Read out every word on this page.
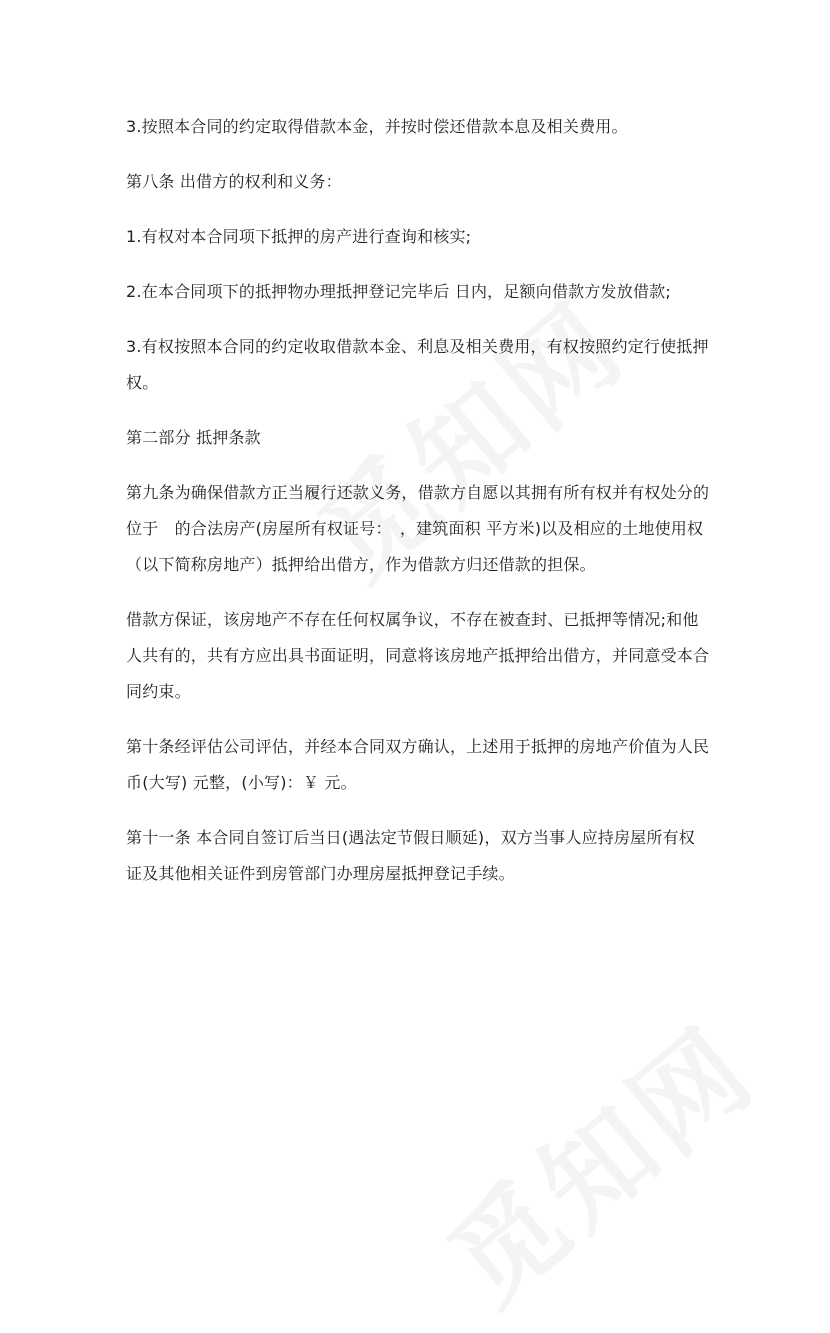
3.按照本合同的约定取得借款本金，并按时偿还借款本息及相关费用。

第八条 出借方的权利和义务：

1.有权对本合同项下抵押的房产进行查询和核实;

2.在本合同项下的抵押物办理抵押登记完毕后 日内，足额向借款方发放借款;

3.有权按照本合同的约定收取借款本金、利息及相关费用，有权按照约定行使抵押权。

第二部分 抵押条款

第九条为确保借款方正当履行还款义务，借款方自愿以其拥有所有权并有权处分的位于　的合法房产(房屋所有权证号：　，建筑面积 平方米)以及相应的土地使用权（以下简称房地产）抵押给出借方，作为借款方归还借款的担保。

借款方保证，该房地产不存在任何权属争议，不存在被查封、已抵押等情况;和他人共有的，共有方应出具书面证明，同意将该房地产抵押给出借方，并同意受本合同约束。

第十条经评估公司评估，并经本合同双方确认，上述用于抵押的房地产价值为人民币(大写) 元整，(小写)：￥ 元。

第十一条 本合同自签订后当日(遇法定节假日顺延)，双方当事人应持房屋所有权证及其他相关证件到房管部门办理房屋抵押登记手续。
